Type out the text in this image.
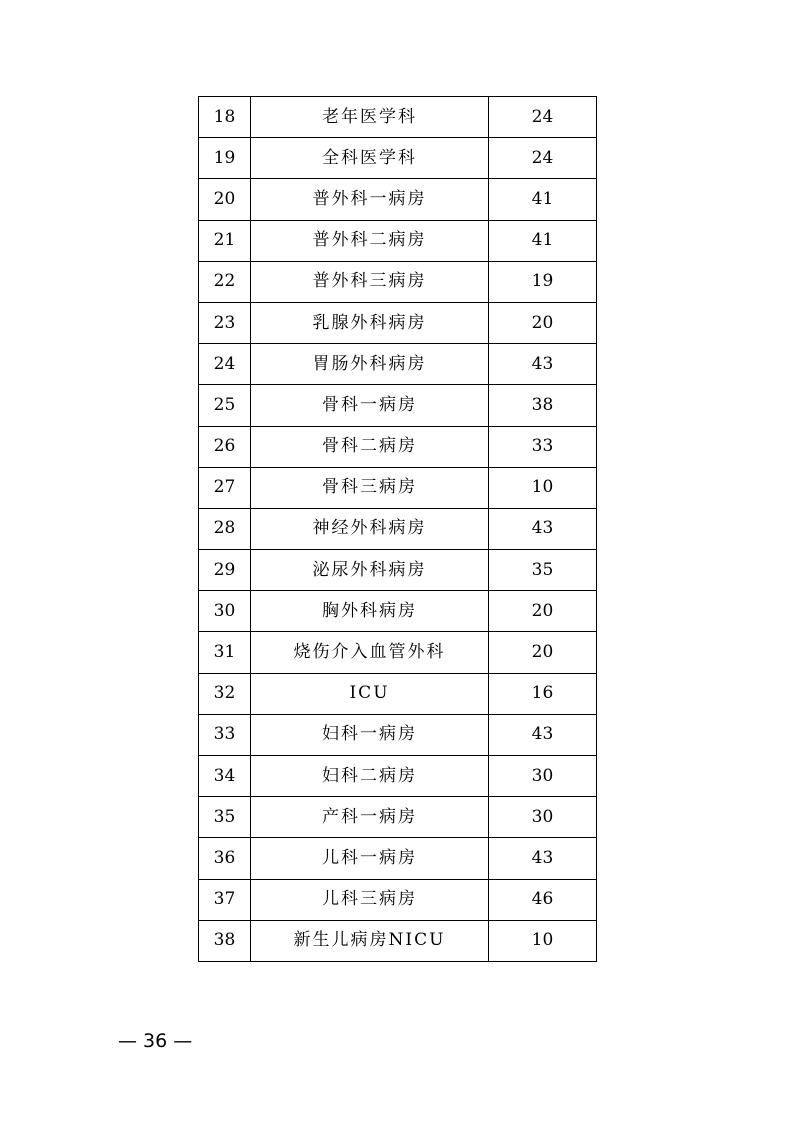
18	老年医学科	24
19	全科医学科	24
20	普外科一病房	41
21	普外科二病房	41
22	普外科三病房	19
23	乳腺外科病房	20
24	胃肠外科病房	43
25	骨科一病房	38
26	骨科二病房	33
27	骨科三病房	10
28	神经外科病房	43
29	泌尿外科病房	35
30	胸外科病房	20
31	烧伤介入血管外科	20
32	ICU	16
33	妇科一病房	43
34	妇科二病房	30
35	产科一病房	30
36	儿科一病房	43
37	儿科三病房	46
38	新生儿病房NICU	10
— 36 —
